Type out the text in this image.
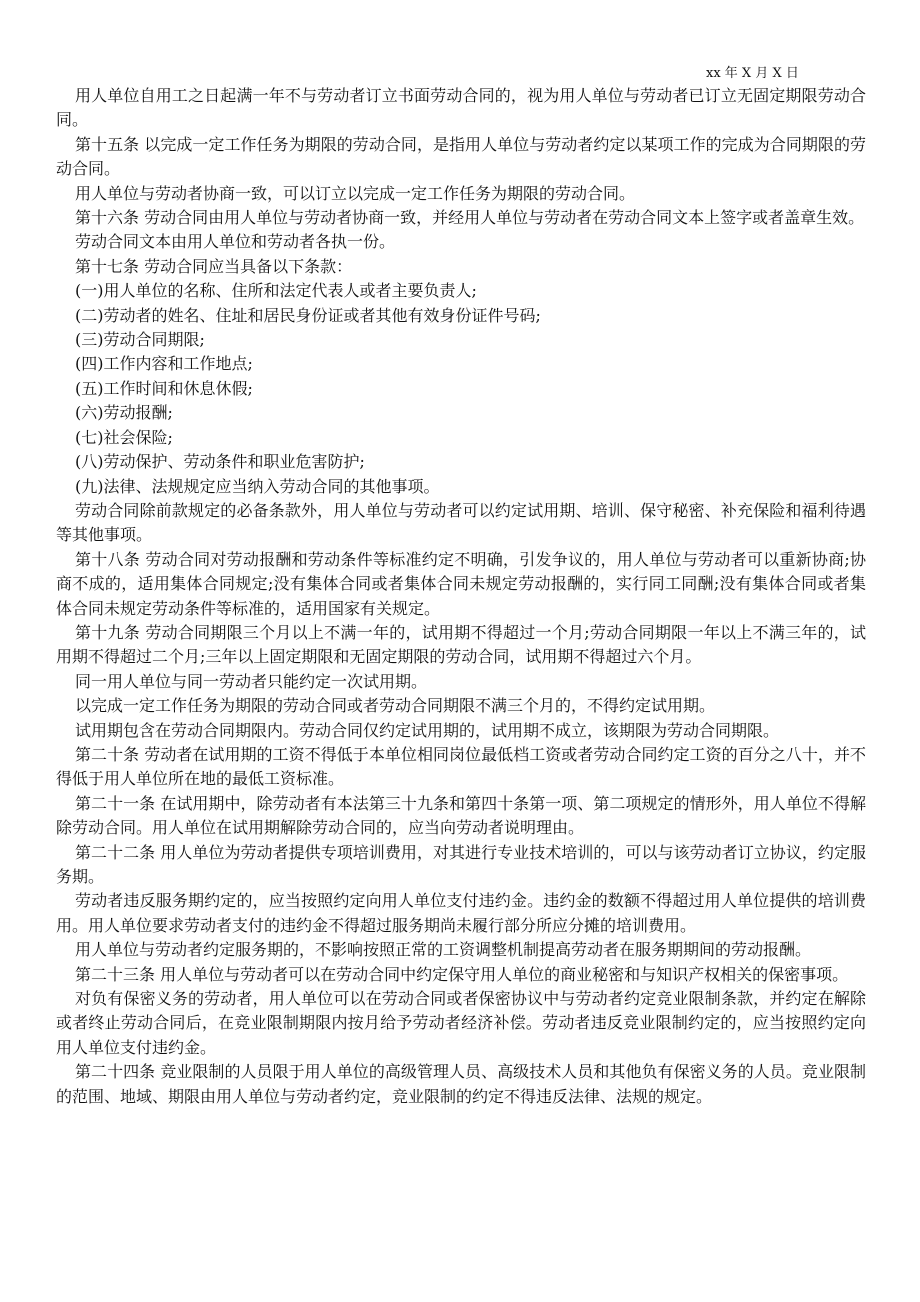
xx 年 X 月 X 日

用人单位自用工之日起满一年不与劳动者订立书面劳动合同的，视为用人单位与劳动者已订立无固定期限劳动合同。

第十五条 以完成一定工作任务为期限的劳动合同，是指用人单位与劳动者约定以某项工作的完成为合同期限的劳动合同。

用人单位与劳动者协商一致，可以订立以完成一定工作任务为期限的劳动合同。

第十六条 劳动合同由用人单位与劳动者协商一致，并经用人单位与劳动者在劳动合同文本上签字或者盖章生效。

劳动合同文本由用人单位和劳动者各执一份。

第十七条 劳动合同应当具备以下条款：

(一)用人单位的名称、住所和法定代表人或者主要负责人;

(二)劳动者的姓名、住址和居民身份证或者其他有效身份证件号码;

(三)劳动合同期限;

(四)工作内容和工作地点;

(五)工作时间和休息休假;

(六)劳动报酬;

(七)社会保险;

(八)劳动保护、劳动条件和职业危害防护;

(九)法律、法规规定应当纳入劳动合同的其他事项。

劳动合同除前款规定的必备条款外，用人单位与劳动者可以约定试用期、培训、保守秘密、补充保险和福利待遇等其他事项。

第十八条 劳动合同对劳动报酬和劳动条件等标准约定不明确，引发争议的，用人单位与劳动者可以重新协商;协商不成的，适用集体合同规定;没有集体合同或者集体合同未规定劳动报酬的，实行同工同酬;没有集体合同或者集体合同未规定劳动条件等标准的，适用国家有关规定。

第十九条 劳动合同期限三个月以上不满一年的，试用期不得超过一个月;劳动合同期限一年以上不满三年的，试用期不得超过二个月;三年以上固定期限和无固定期限的劳动合同，试用期不得超过六个月。

同一用人单位与同一劳动者只能约定一次试用期。

以完成一定工作任务为期限的劳动合同或者劳动合同期限不满三个月的，不得约定试用期。

试用期包含在劳动合同期限内。劳动合同仅约定试用期的，试用期不成立，该期限为劳动合同期限。

第二十条 劳动者在试用期的工资不得低于本单位相同岗位最低档工资或者劳动合同约定工资的百分之八十，并不得低于用人单位所在地的最低工资标准。

第二十一条 在试用期中，除劳动者有本法第三十九条和第四十条第一项、第二项规定的情形外，用人单位不得解除劳动合同。用人单位在试用期解除劳动合同的，应当向劳动者说明理由。

第二十二条 用人单位为劳动者提供专项培训费用，对其进行专业技术培训的，可以与该劳动者订立协议，约定服务期。

劳动者违反服务期约定的，应当按照约定向用人单位支付违约金。违约金的数额不得超过用人单位提供的培训费用。用人单位要求劳动者支付的违约金不得超过服务期尚未履行部分所应分摊的培训费用。

用人单位与劳动者约定服务期的，不影响按照正常的工资调整机制提高劳动者在服务期期间的劳动报酬。

第二十三条 用人单位与劳动者可以在劳动合同中约定保守用人单位的商业秘密和与知识产权相关的保密事项。

对负有保密义务的劳动者，用人单位可以在劳动合同或者保密协议中与劳动者约定竞业限制条款，并约定在解除或者终止劳动合同后，在竞业限制期限内按月给予劳动者经济补偿。劳动者违反竞业限制约定的，应当按照约定向用人单位支付违约金。

第二十四条 竞业限制的人员限于用人单位的高级管理人员、高级技术人员和其他负有保密义务的人员。竞业限制的范围、地域、期限由用人单位与劳动者约定，竞业限制的约定不得违反法律、法规的规定。
